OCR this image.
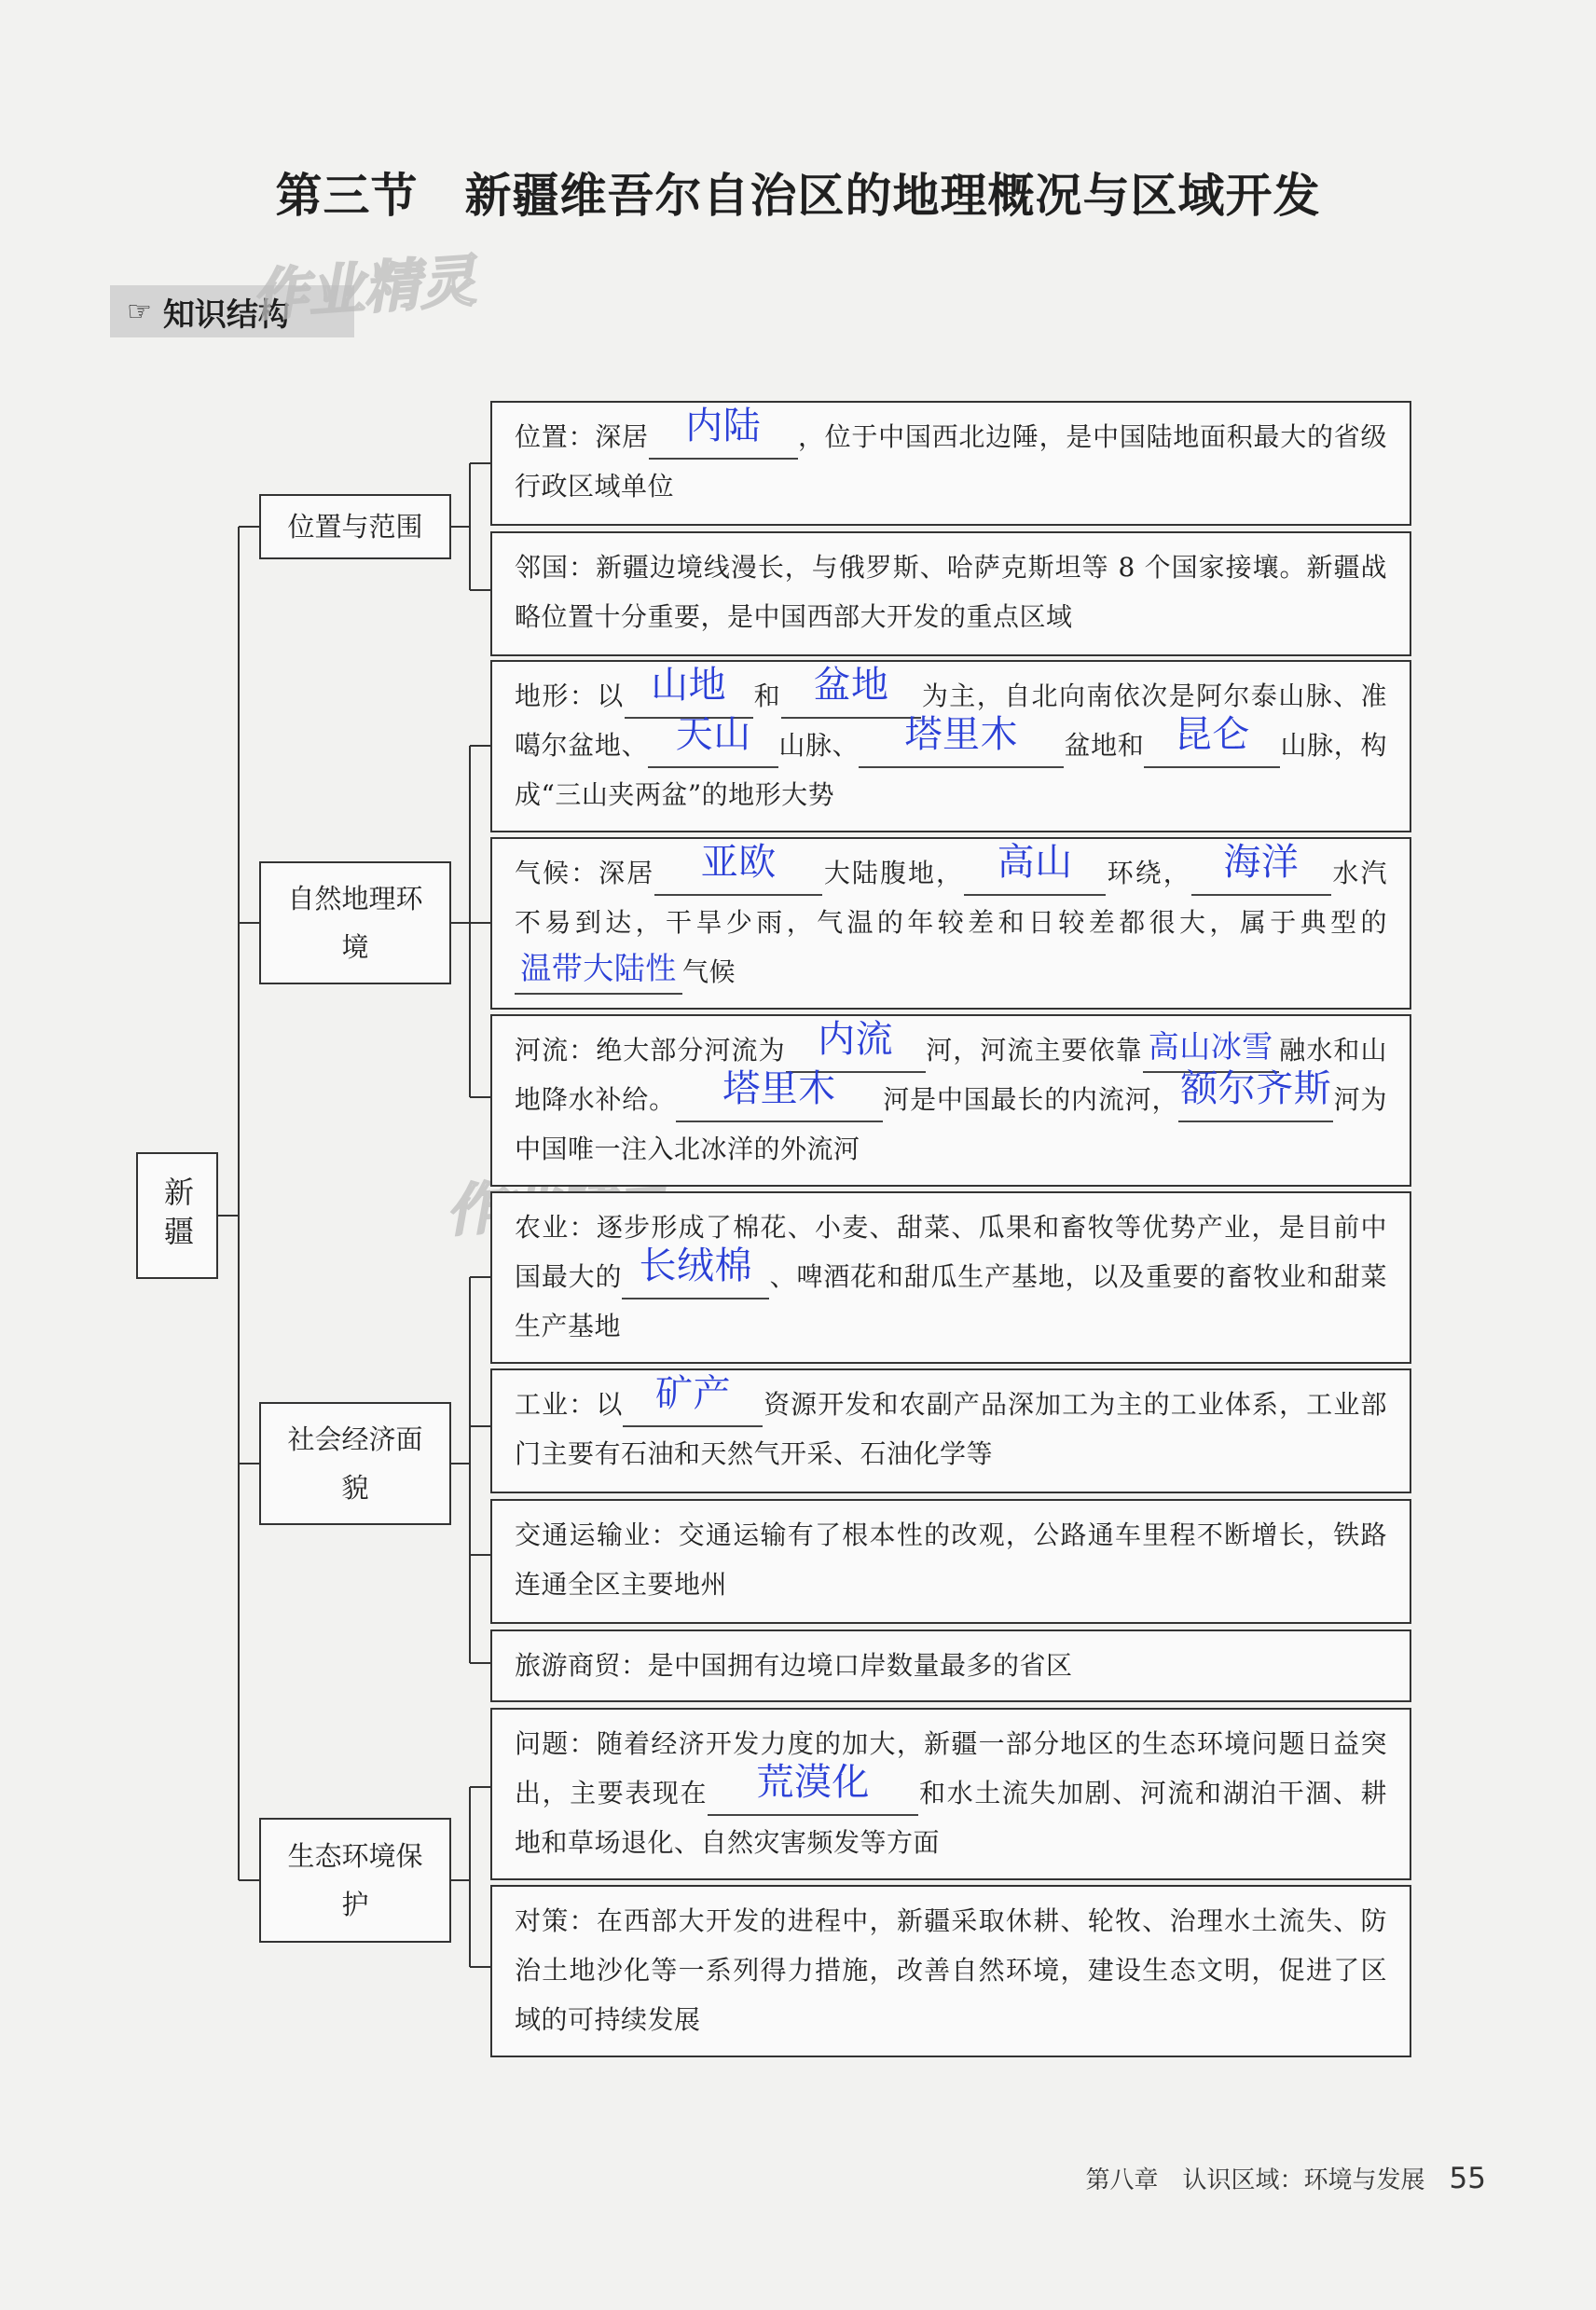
第三节 新疆维吾尔自治区的地理概况与区域开发
☞ 知识结构
作业精灵
新疆
位置与范围
自然地理环境
社会经济面貌
生态环境保护
位置：深居 内陆 ，位于中国西北边陲，是中国陆地面积最大的省级行政区域单位
邻国：新疆边境线漫长，与俄罗斯、哈萨克斯坦等 8 个国家接壤。新疆战略位置十分重要，是中国西部大开发的重点区域
地形：以 山地 和 盆地 为主，自北向南依次是阿尔泰山脉、准噶尔盆地、 天山 山脉、 塔里木 盆地和 昆仑 山脉，构成“三山夹两盆”的地形大势
气候：深居 亚欧 大陆腹地， 高山 环绕， 海洋 水汽不易到达，干旱少雨，气温的年较差和日较差都很大，属于典型的温带大陆性 气候
河流：绝大部分河流为 内流 河，河流主要依靠 高山冰雪 融水和山地降水补给。 塔里木 河是中国最长的内流河，额尔齐斯河为中国唯一注入北冰洋的外流河
农业：逐步形成了棉花、小麦、甜菜、瓜果和畜牧等优势产业，是目前中国最大的 长绒棉 、啤酒花和甜瓜生产基地，以及重要的畜牧业和甜菜生产基地
工业：以 矿产 资源开发和农副产品深加工为主的工业体系，工业部门主要有石油和天然气开采、石油化学等
交通运输业：交通运输有了根本性的改观，公路通车里程不断增长，铁路连通全区主要地州
旅游商贸：是中国拥有边境口岸数量最多的省区
问题：随着经济开发力度的加大，新疆一部分地区的生态环境问题日益突出，主要表现在 荒漠化 和水土流失加剧、河流和湖泊干涸、耕地和草场退化、自然灾害频发等方面
对策：在西部大开发的进程中，新疆采取休耕、轮牧、治理水土流失、防治土地沙化等一系列得力措施，改善自然环境，建设生态文明，促进了区域的可持续发展
第八章　认识区域：环境与发展 55
